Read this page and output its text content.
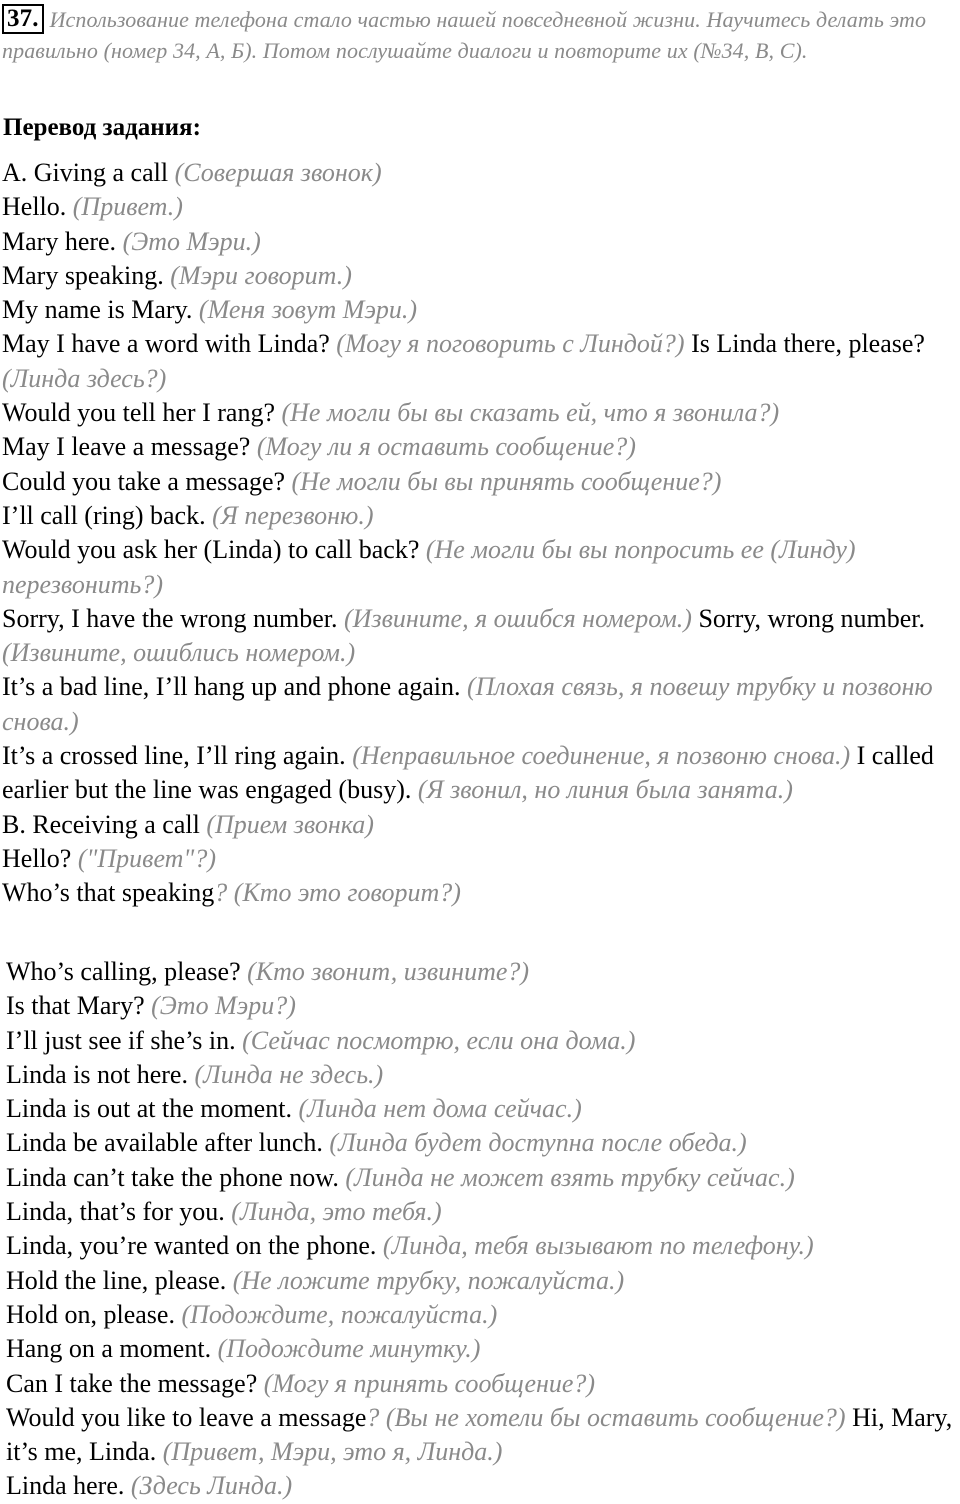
37. Использование телефона стало частью нашей повседневной жизни. Научитесь делать это правильно (номер 34, А, Б). Потом послушайте диалоги и повторите их (№34, В, С).
Перевод задания:
A. Giving a call (Совершая звонок)
Hello. (Привет.)
Mary here. (Это Мэри.)
Mary speaking. (Мэри говорит.)
My name is Mary. (Меня зовут Мэри.)
May I have a word with Linda? (Могу я поговорить с Линдой?) Is Linda there, please? (Линда здесь?)
Would you tell her I rang? (Не могли бы вы сказать ей, что я звонила?)
May I leave a message? (Могу ли я оставить сообщение?)
Could you take a message? (Не могли бы вы принять сообщение?)
I’ll call (ring) back. (Я перезвоню.)
Would you ask her (Linda) to call back? (Не могли бы вы попросить ее (Линду) перезвонить?)
Sorry, I have the wrong number. (Извините, я ошибся номером.) Sorry, wrong number. (Извините, ошиблись номером.)
It’s a bad line, I’ll hang up and phone again. (Плохая связь, я повешу трубку и позвоню снова.)
It’s a crossed line, I’ll ring again. (Неправильное соединение, я позвоню снова.) I called earlier but the line was engaged (busy). (Я звонил, но линия была занята.)
B. Receiving a call (Прием звонка)
Hello? ("Привет"?)
Who’s that speaking? (Кто это говорит?)
Who’s calling, please? (Кто звонит, извините?)
Is that Mary? (Это Мэри?)
I’ll just see if she’s in. (Сейчас посмотрю, если она дома.)
Linda is not here. (Линда не здесь.)
Linda is out at the moment. (Линда нет дома сейчас.)
Linda be available after lunch. (Линда будет доступна после обеда.)
Linda can’t take the phone now. (Линда не может взять трубку сейчас.)
Linda, that’s for you. (Линда, это тебя.)
Linda, you’re wanted on the phone. (Линда, тебя вызывают по телефону.)
Hold the line, please. (Не ложите трубку, пожалуйста.)
Hold on, please. (Подождите, пожалуйста.)
Hang on a moment. (Подождите минутку.)
Can I take the message? (Могу я принять сообщение?)
Would you like to leave a message? (Вы не хотели бы оставить сообщение?) Hi, Mary, it’s me, Linda. (Привет, Мэри, это я, Линда.)
Linda here. (Здесь Линда.)
